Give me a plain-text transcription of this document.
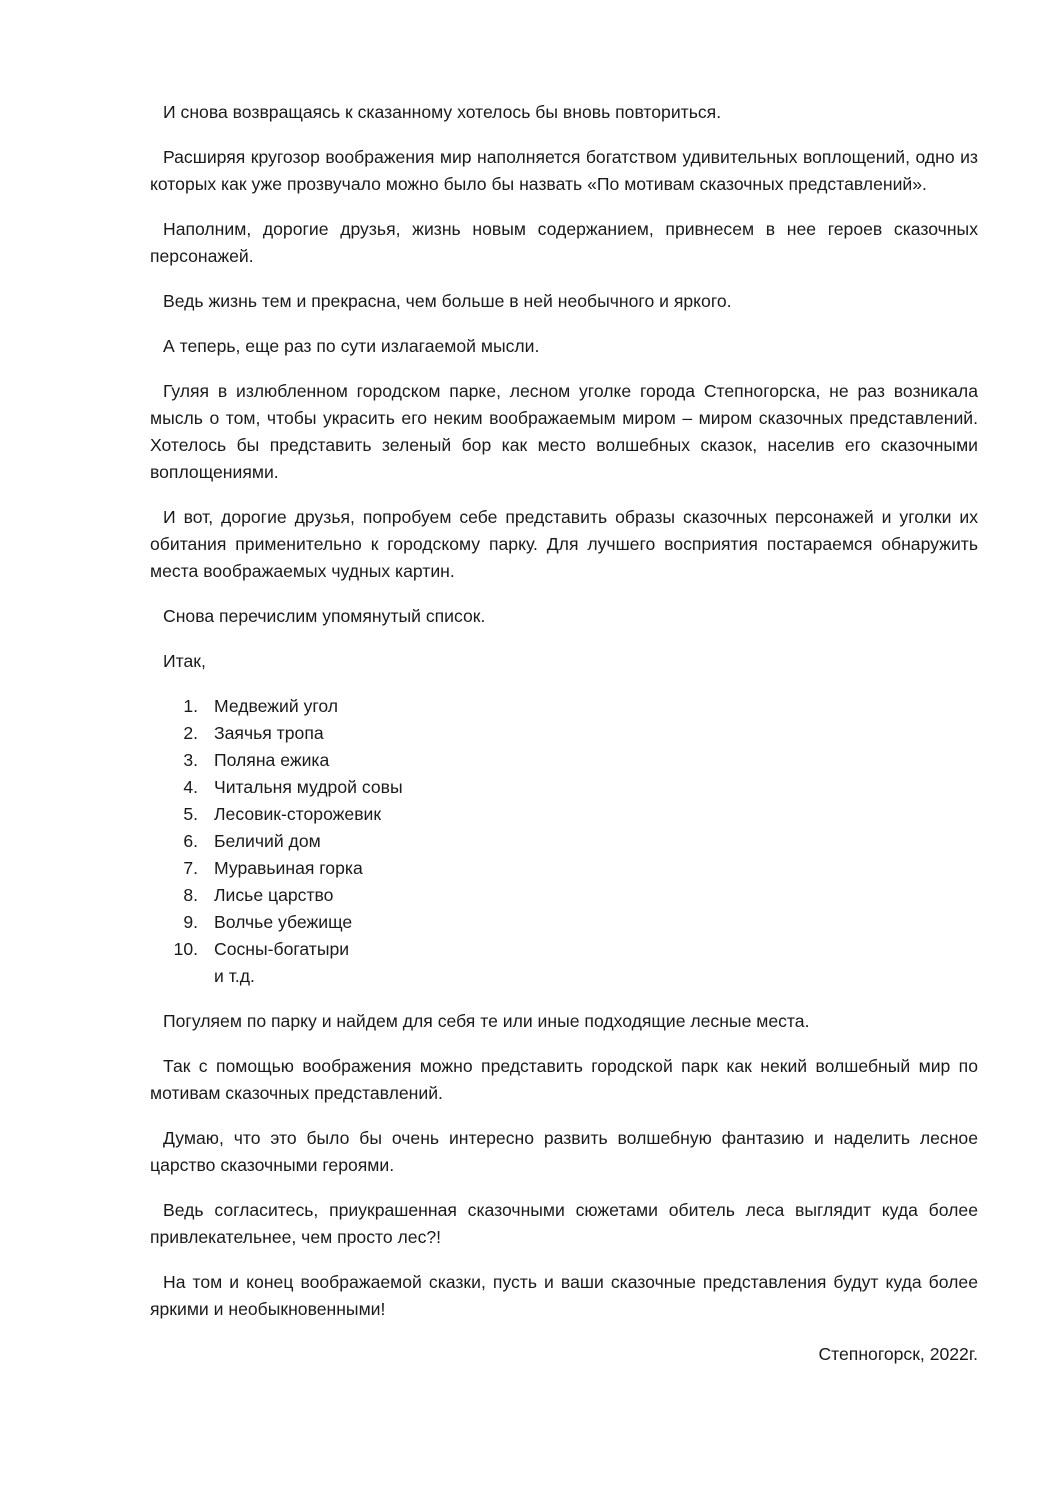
И снова возвращаясь к сказанному хотелось бы вновь повториться.

Расширяя кругозор воображения мир наполняется богатством удивительных воплощений, одно из которых как уже прозвучало можно было бы назвать «По мотивам сказочных представлений».

Наполним, дорогие друзья, жизнь новым содержанием, привнесем в нее героев сказочных персонажей.

Ведь жизнь тем и прекрасна, чем больше в ней необычного и яркого.

А теперь, еще раз по сути излагаемой мысли.

Гуляя в излюбленном городском парке, лесном уголке города Степногорска, не раз возникала мысль о том, чтобы украсить его неким воображаемым миром – миром сказочных представлений. Хотелось бы представить зеленый бор как место волшебных сказок, населив его сказочными воплощениями.

И вот, дорогие друзья, попробуем себе представить образы сказочных персонажей и уголки их обитания применительно к городскому парку. Для лучшего восприятия постараемся обнаружить места воображаемых чудных картин.

Снова перечислим упомянутый список.

Итак,

1. Медвежий угол
2. Заячья тропа
3. Поляна ежика
4. Читальня мудрой совы
5. Лесовик-сторожевик
6. Беличий дом
7. Муравьиная горка
8. Лисье царство
9. Волчье убежище
10. Сосны-богатыри
и т.д.

Погуляем по парку и найдем для себя те или иные подходящие лесные места.

Так с помощью воображения можно представить городской парк как некий волшебный мир по мотивам сказочных представлений.

Думаю, что это было бы очень интересно развить волшебную фантазию и наделить лесное царство сказочными героями.

Ведь согласитесь, приукрашенная сказочными сюжетами обитель леса выглядит куда более привлекательнее, чем просто лес?!

На том и конец воображаемой сказки, пусть и ваши сказочные представления будут куда более яркими и необыкновенными!

Степногорск, 2022г.
